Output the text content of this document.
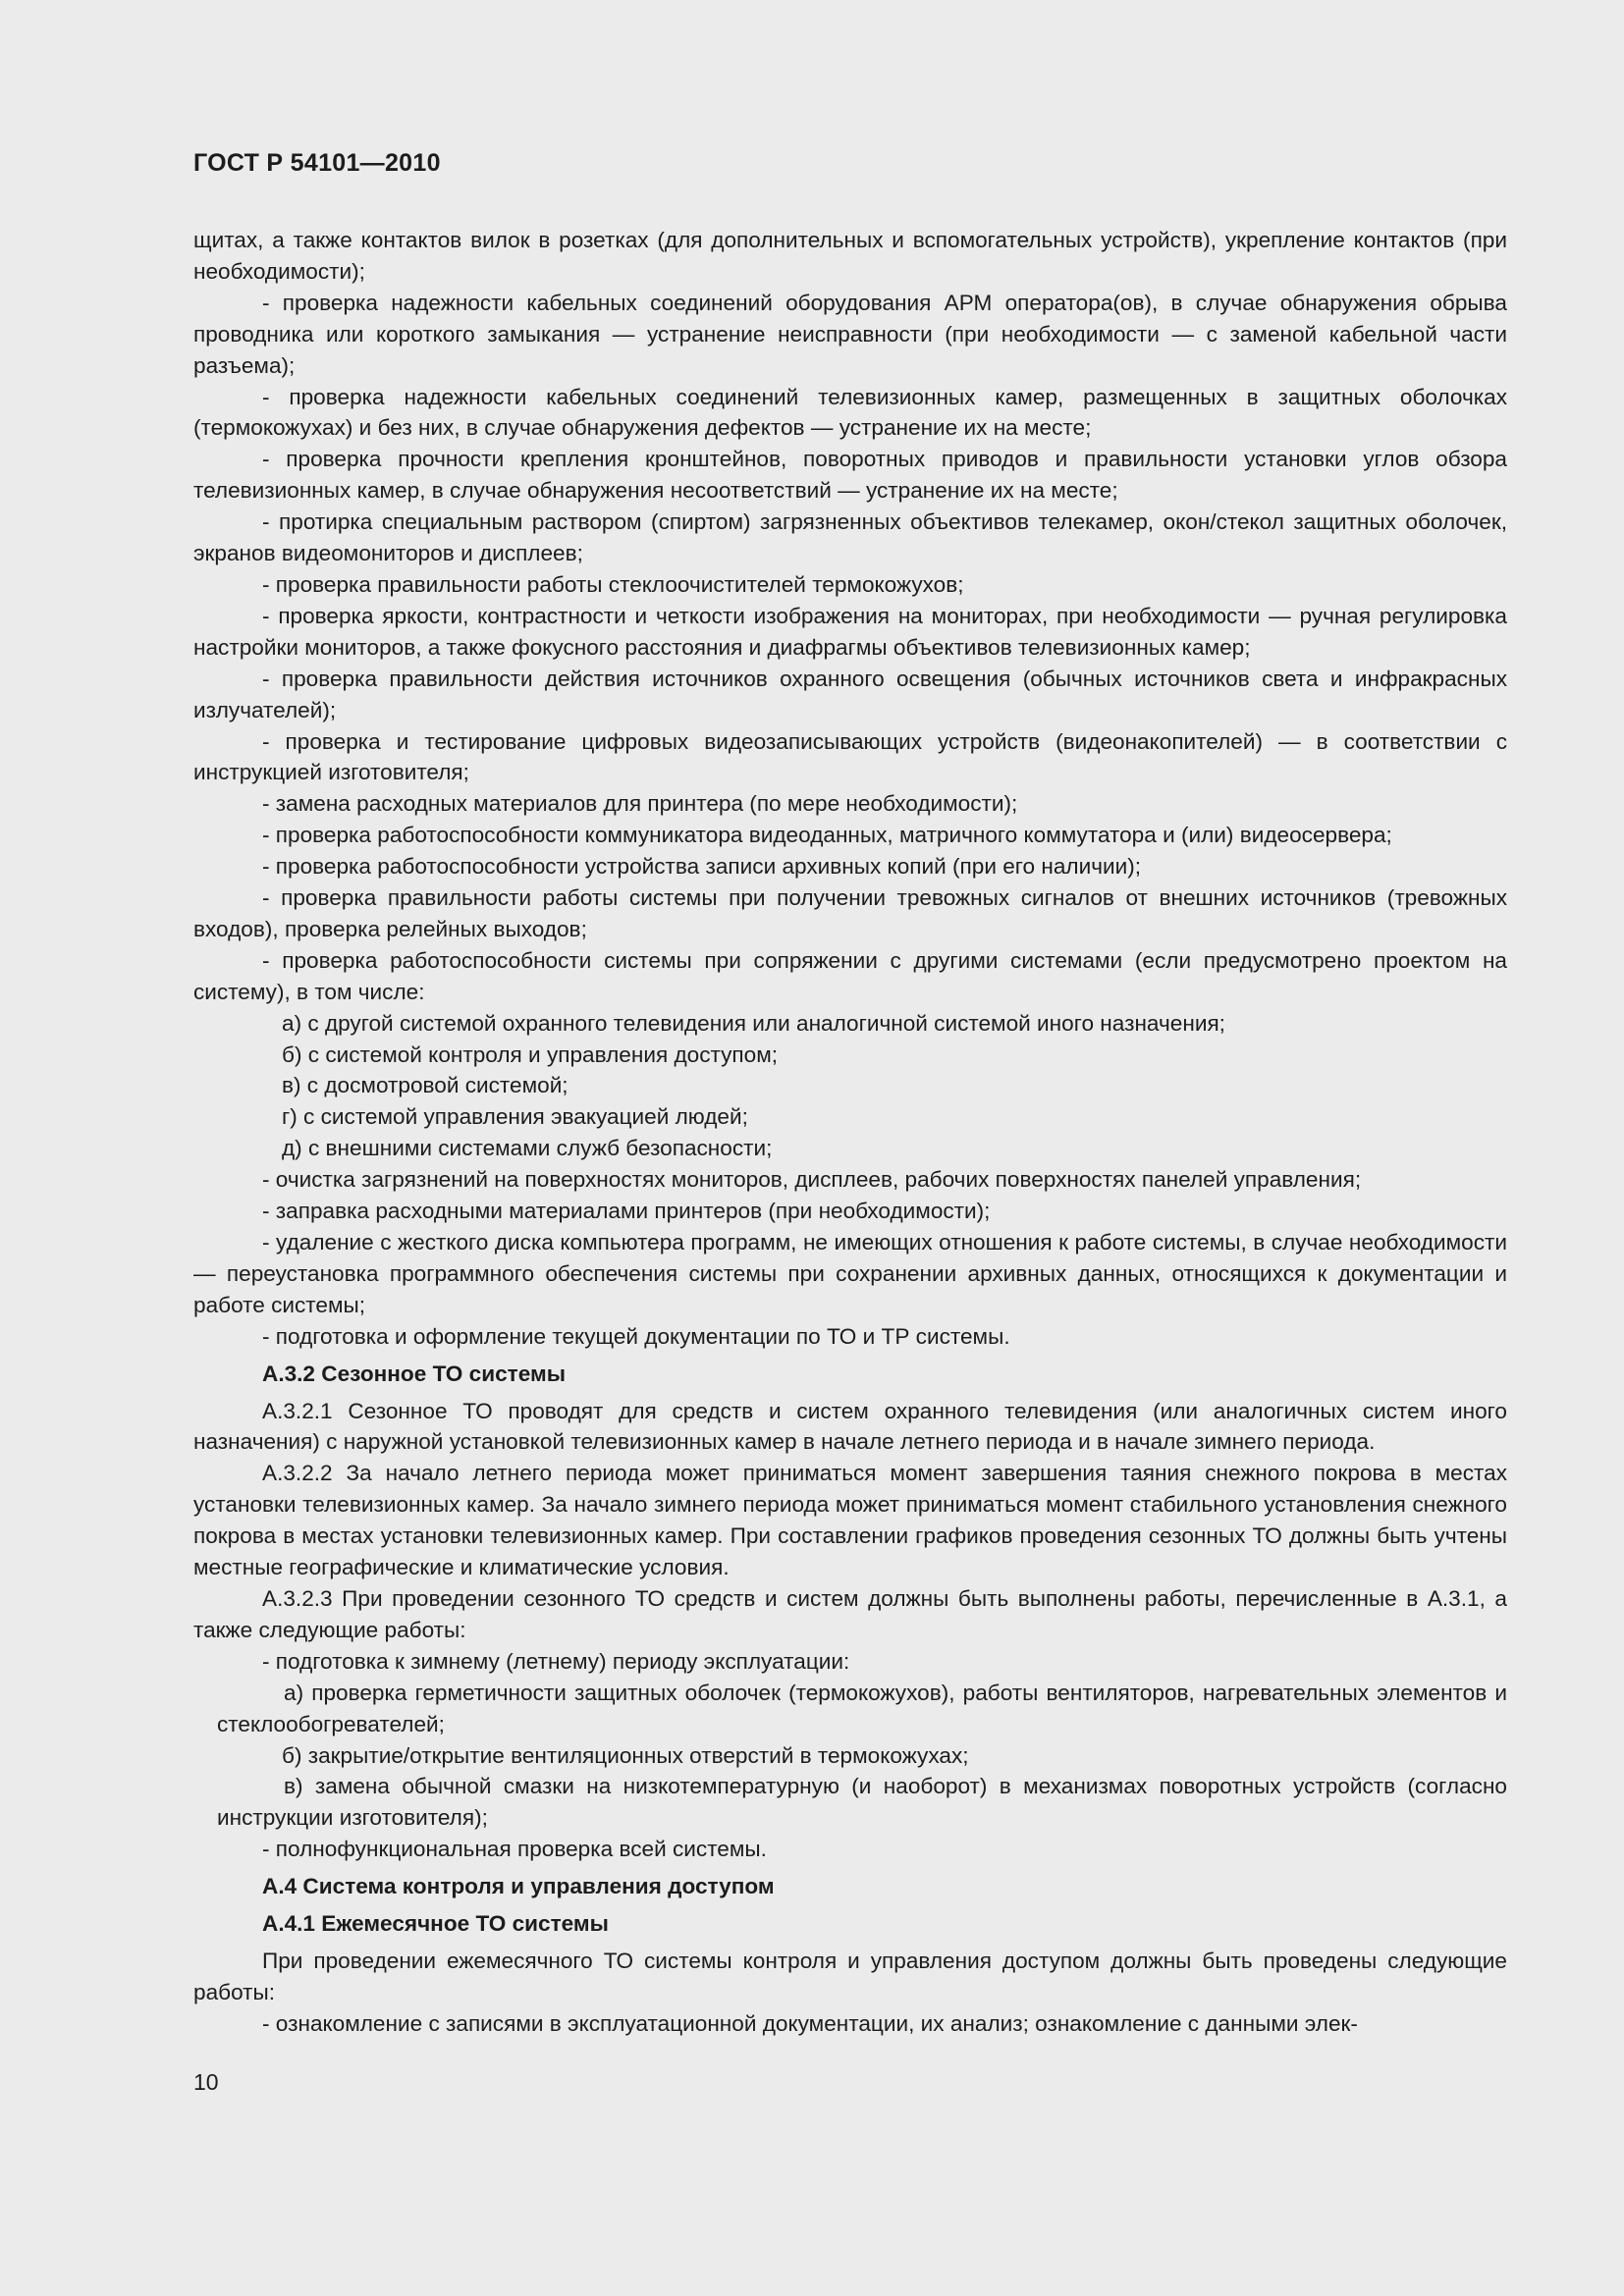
ГОСТ Р 54101—2010

щитах, а также контактов вилок в розетках (для дополнительных и вспомогательных устройств), укрепление контактов (при необходимости);

- проверка надежности кабельных соединений оборудования АРМ оператора(ов), в случае обнаружения обрыва проводника или короткого замыкания — устранение неисправности (при необходимости — с заменой кабельной части разъема);

- проверка надежности кабельных соединений телевизионных камер, размещенных в защитных оболочках (термокожухах) и без них, в случае обнаружения дефектов — устранение их на месте;

- проверка прочности крепления кронштейнов, поворотных приводов и правильности установки углов обзора телевизионных камер, в случае обнаружения несоответствий — устранение их на месте;

- протирка специальным раствором (спиртом) загрязненных объективов телекамер, окон/стекол защитных оболочек, экранов видеомониторов и дисплеев;

- проверка правильности работы стеклоочистителей термокожухов;

- проверка яркости, контрастности и четкости изображения на мониторах, при необходимости — ручная регулировка настройки мониторов, а также фокусного расстояния и диафрагмы объективов телевизионных камер;

- проверка правильности действия источников охранного освещения (обычных источников света и инфракрасных излучателей);

- проверка и тестирование цифровых видеозаписывающих устройств (видеонакопителей) — в соответствии с инструкцией изготовителя;

- замена расходных материалов для принтера (по мере необходимости);

- проверка работоспособности коммуникатора видеоданных, матричного коммутатора и (или) видеосервера;

- проверка работоспособности устройства записи архивных копий (при его наличии);

- проверка правильности работы системы при получении тревожных сигналов от внешних источников (тревожных входов), проверка релейных выходов;

- проверка работоспособности системы при сопряжении с другими системами (если предусмотрено проектом на систему), в том числе:

а) с другой системой охранного телевидения или аналогичной системой иного назначения;

б) с системой контроля и управления доступом;

в) с досмотровой системой;

г) с системой управления эвакуацией людей;

д) с внешними системами служб безопасности;

- очистка загрязнений на поверхностях мониторов, дисплеев, рабочих поверхностях панелей управления;

- заправка расходными материалами принтеров (при необходимости);

- удаление с жесткого диска компьютера программ, не имеющих отношения к работе системы, в случае необходимости — переустановка программного обеспечения системы при сохранении архивных данных, относящихся к документации и работе системы;

- подготовка и оформление текущей документации по ТО и ТР системы.

А.3.2 Сезонное ТО системы

А.3.2.1 Сезонное ТО проводят для средств и систем охранного телевидения (или аналогичных систем иного назначения) с наружной установкой телевизионных камер в начале летнего периода и в начале зимнего периода.

А.3.2.2 За начало летнего периода может приниматься момент завершения таяния снежного покрова в местах установки телевизионных камер. За начало зимнего периода может приниматься момент стабильного установления снежного покрова в местах установки телевизионных камер. При составлении графиков проведения сезонных ТО должны быть учтены местные географические и климатические условия.

А.3.2.3 При проведении сезонного ТО средств и систем должны быть выполнены работы, перечисленные в А.3.1, а также следующие работы:

- подготовка к зимнему (летнему) периоду эксплуатации:

а) проверка герметичности защитных оболочек (термокожухов), работы вентиляторов, нагревательных элементов и стеклообогревателей;

б) закрытие/открытие вентиляционных отверстий в термокожухах;

в) замена обычной смазки на низкотемпературную (и наоборот) в механизмах поворотных устройств (согласно инструкции изготовителя);

- полнофункциональная проверка всей системы.

А.4 Система контроля и управления доступом

А.4.1 Ежемесячное ТО системы

При проведении ежемесячного ТО системы контроля и управления доступом должны быть проведены следующие работы:

- ознакомление с записями в эксплуатационной документации, их анализ; ознакомление с данными элек-

10
